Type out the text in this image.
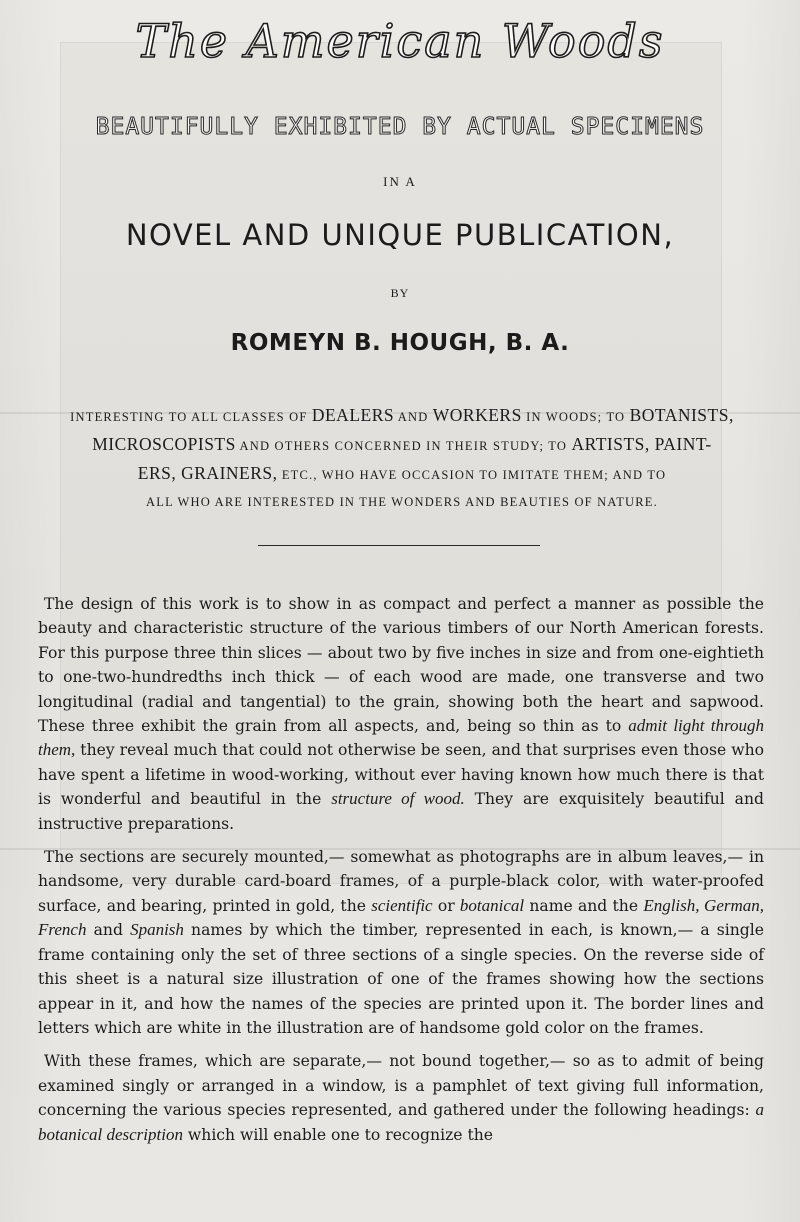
The American Woods
BEAUTIFULLY EXHIBITED BY ACTUAL SPECIMENS
IN A
NOVEL AND UNIQUE PUBLICATION,
BY
ROMEYN B. HOUGH, B. A.
INTERESTING TO ALL CLASSES OF DEALERS AND WORKERS IN WOODS; TO BOTANISTS,
MICROSCOPISTS AND OTHERS CONCERNED IN THEIR STUDY; TO ARTISTS, PAINT-
ERS, GRAINERS, ETC., WHO HAVE OCCASION TO IMITATE THEM; AND TO
ALL WHO ARE INTERESTED IN THE WONDERS AND BEAUTIES OF NATURE.

The design of this work is to show in as compact and perfect a manner as possible the beauty and characteristic structure of the various timbers of our North American forests. For this purpose three thin slices — about two by five inches in size and from one-eightieth to one-two-hundredths inch thick — of each wood are made, one transverse and two longitudinal (radial and tangential) to the grain, showing both the heart and sapwood. These three exhibit the grain from all aspects, and, being so thin as to admit light through them, they reveal much that could not otherwise be seen, and that surprises even those who have spent a lifetime in wood-working, without ever having known how much there is that is wonderful and beautiful in the structure of wood. They are exquisitely beautiful and instructive preparations.

The sections are securely mounted,— somewhat as photographs are in album leaves,— in handsome, very durable card-board frames, of a purple-black color, with water-proofed surface, and bearing, printed in gold, the scientific or botanical name and the English, German, French and Spanish names by which the timber, represented in each, is known,— a single frame containing only the set of three sections of a single species. On the reverse side of this sheet is a natural size illustration of one of the frames showing how the sections appear in it, and how the names of the species are printed upon it. The border lines and letters which are white in the illustration are of handsome gold color on the frames.

With these frames, which are separate,— not bound together,— so as to admit of being examined singly or arranged in a window, is a pamphlet of text giving full information, concerning the various species represented, and gathered under the following headings: a botanical description which will enable one to recognize the
